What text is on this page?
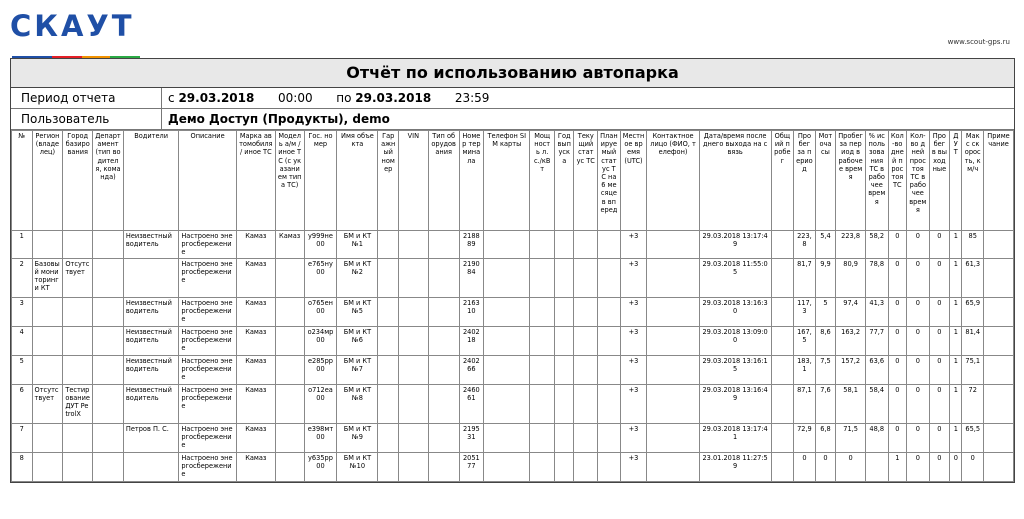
СКАУТ	www.scout-gps.ru
Отчёт по использованию автопарка
Период отчета	с 29.03.2018 00:00 по 29.03.2018 23:59
Пользователь	Демо Доступ (Продукты), demo
№	Регион (владелец)	Город базирования	Департамент (тип водителя, команда)	Водители	Описание	Марка автомобиля / иное ТС	Модель а/м / иное ТС (с указанием типа ТС)	Гос. номер	Имя объекта	Гаражный номер	VIN	Тип оборудования	Номер терминала	Телефон SIM карты	Мощность л.с./кВт	Год выпуска	Текущий статус ТС	Планируемый статус ТС на 6 месяцев вперед	Местное время (UTC)	Контактное лицо (ФИО, телефон)	Дата/время последнего выхода на связь	Общий пробег	Пробег за период	Моточасы	Пробег за период в рабочее время	% использования ТС в рабочее время	Кол-во дней простоя ТС	Кол-во дней простоя ТС в рабочее время	Пробег в выходные	ДУТ	Макс скорость, км/ч	Примечание
1				Неизвестный водитель	Настроено энергосбережение	Камаз	Камаз	у999не00	БМ и КТ №1				218889						+3		29.03.2018 13:17:49		223,8	5,4	223,8	58,2	0	0	0	1	85	
2	Базовый мониторинг и КТ	Отсутствует			Настроено энергосбережение	Камаз		е765ну00	БМ и КТ №2				219084						+3		29.03.2018 11:55:05		81,7	9,9	80,9	78,8	0	0	0	1	61,3	
3				Неизвестный водитель	Настроено энергосбережение	Камаз		о765ен00	БМ и КТ №5				216310						+3		29.03.2018 13:16:30		117,3	5	97,4	41,3	0	0	0	1	65,9	
4				Неизвестный водитель	Настроено энергосбережение	Камаз		о234мр00	БМ и КТ №6				240218						+3		29.03.2018 13:09:00		167,5	8,6	163,2	77,7	0	0	0	1	81,4	
5				Неизвестный водитель	Настроено энергосбережение	Камаз		е285рр00	БМ и КТ №7				240266						+3		29.03.2018 13:16:15		183,1	7,5	157,2	63,6	0	0	0	1	75,1	
6	Отсутствует	Тестирование ДУТ PetrolX		Неизвестный водитель	Настроено энергосбережение	Камаз		о712еа00	БМ и КТ №8				246061						+3		29.03.2018 13:16:49		87,1	7,6	58,1	58,4	0	0	0	1	72	
7				Петров П. С.	Настроено энергосбережение	Камаз		е398мт00	БМ и КТ №9				219531						+3		29.03.2018 13:17:41		72,9	6,8	71,5	48,8	0	0	0	1	65,5	
8					Настроено энергосбережение	Камаз		у635рр00	БМ и КТ №10				205177						+3		23.01.2018 11:27:59		0	0	0		1	0	0	0	0	
